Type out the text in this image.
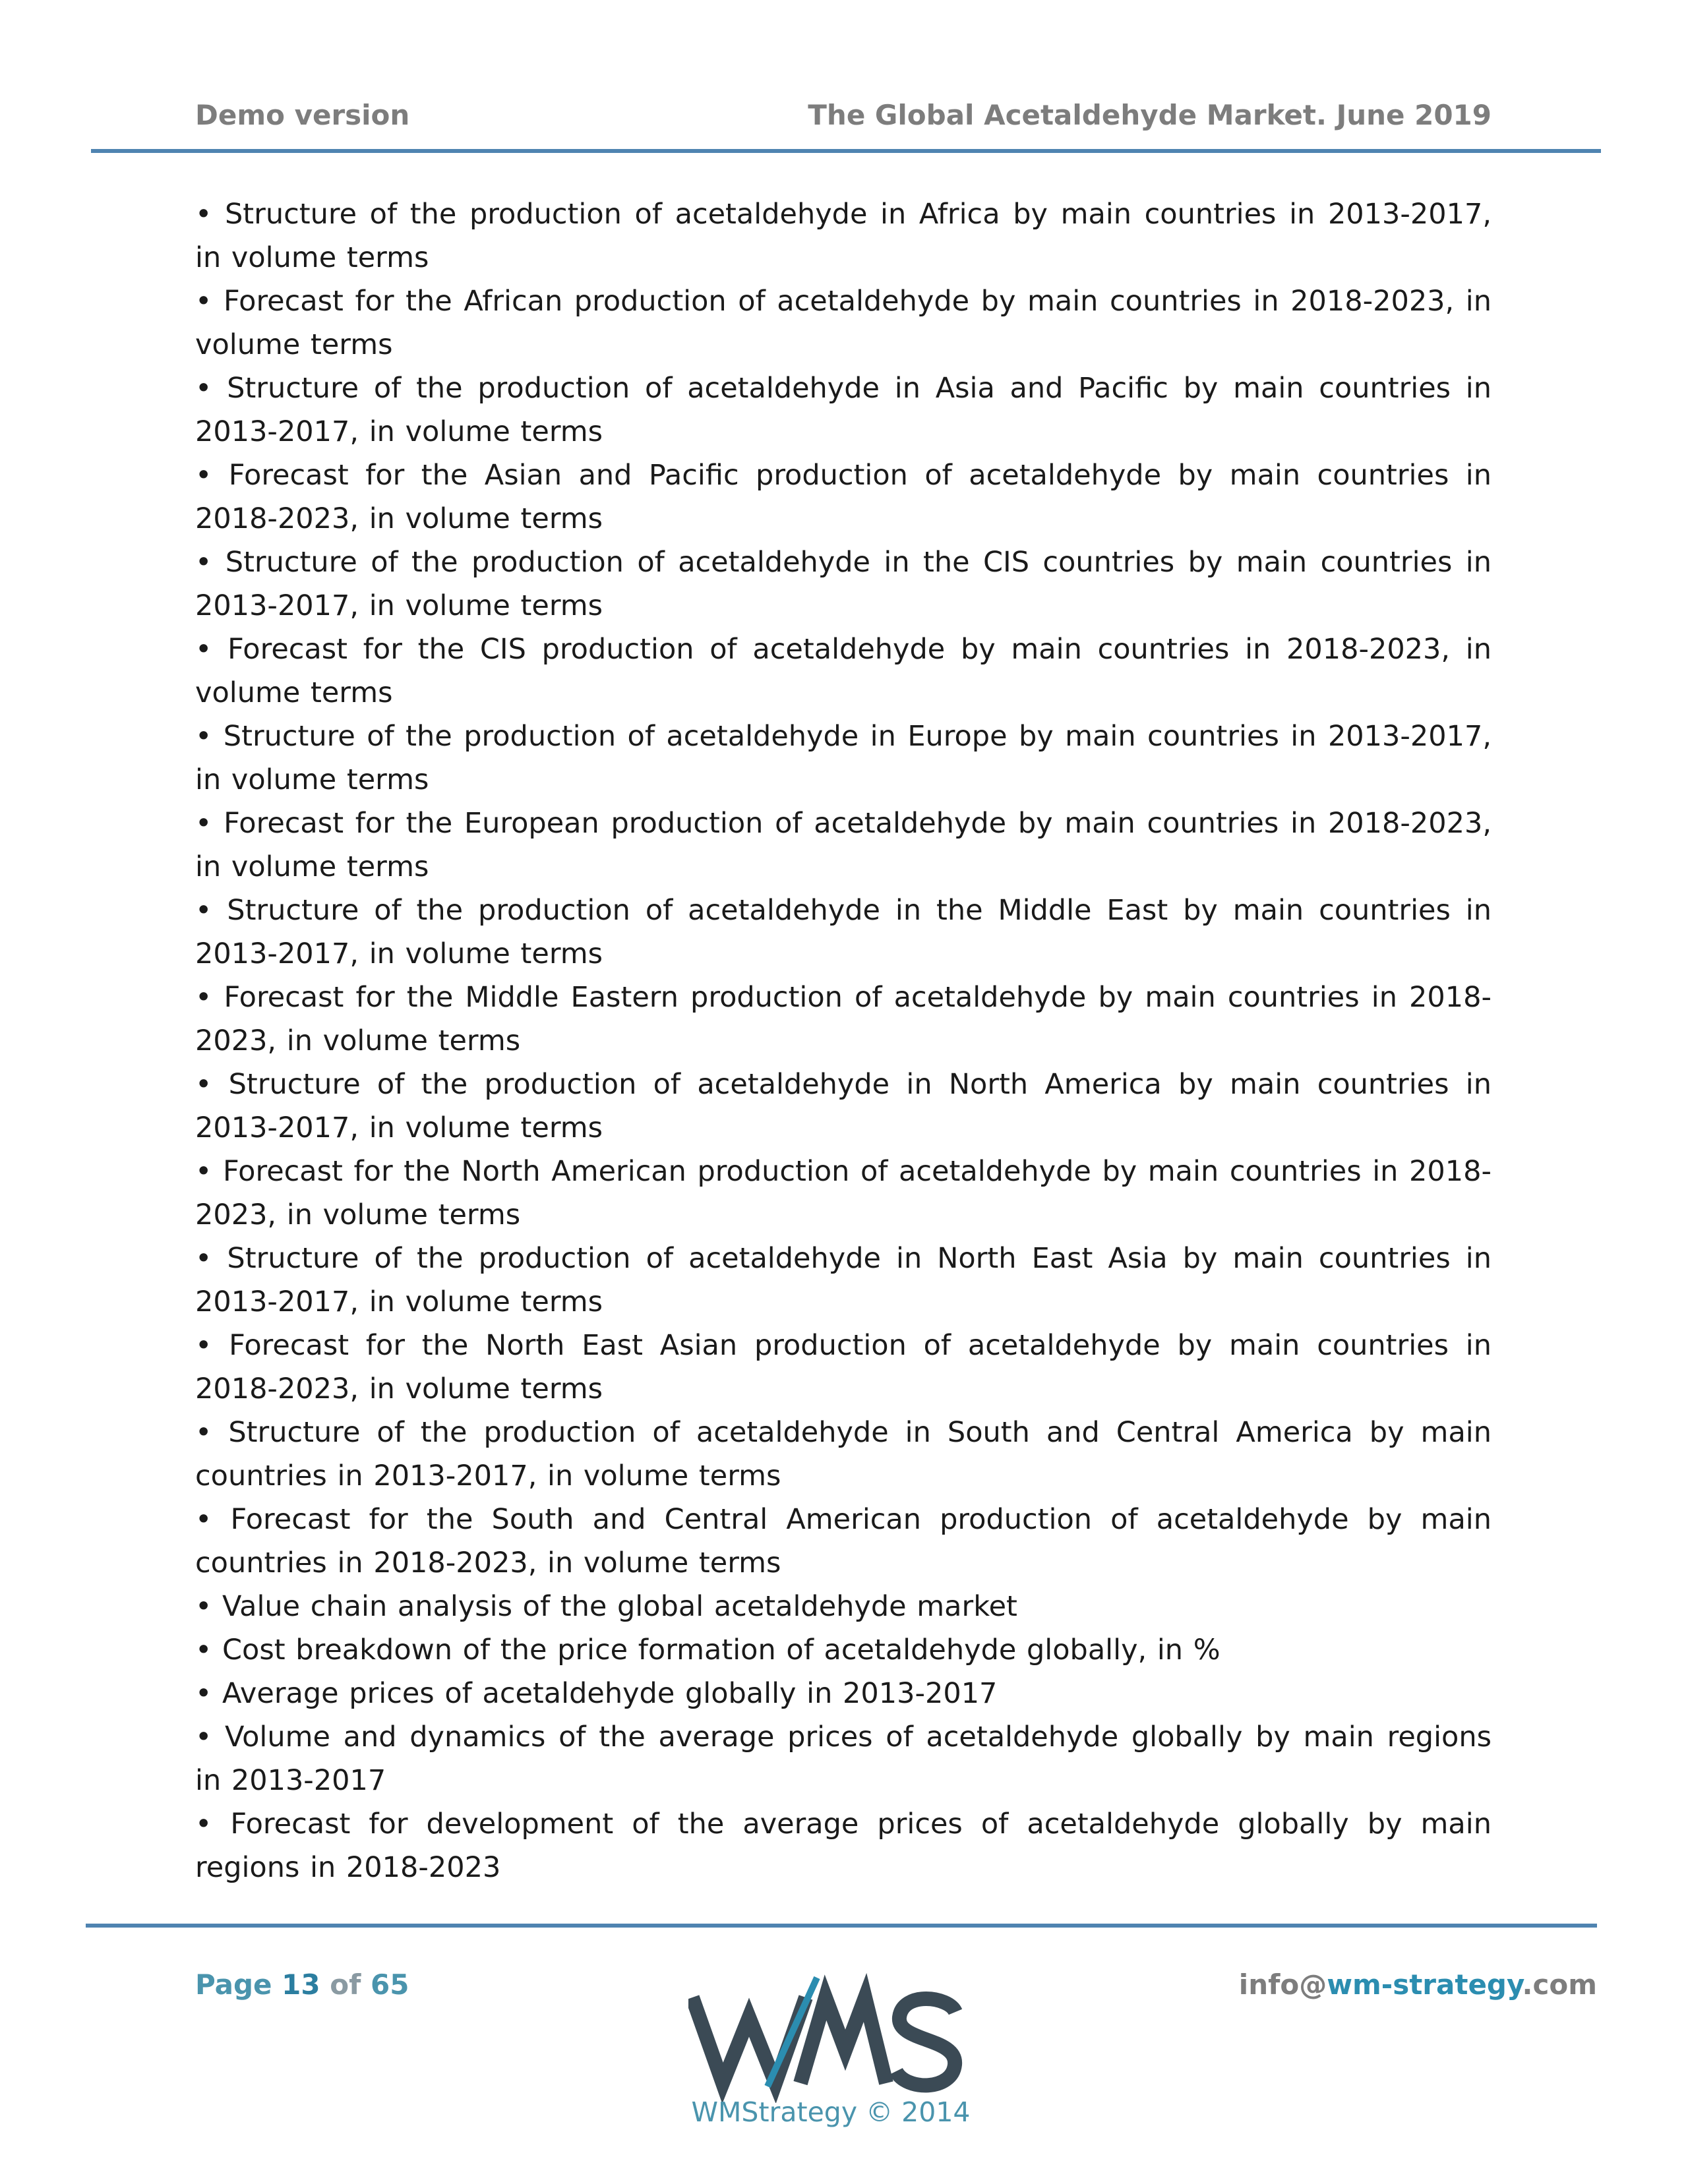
Demo version	The Global Acetaldehyde Market. June 2019

• Structure of the production of acetaldehyde in Africa by main countries in 2013-2017, in volume terms

• Forecast for the African production of acetaldehyde by main countries in 2018-2023, in volume terms

• Structure of the production of acetaldehyde in Asia and Pacific by main countries in 2013-2017, in volume terms

• Forecast for the Asian and Pacific production of acetaldehyde by main countries in 2018-2023, in volume terms

• Structure of the production of acetaldehyde in the CIS countries by main countries in 2013-2017, in volume terms

• Forecast for the CIS production of acetaldehyde by main countries in 2018-2023, in volume terms

• Structure of the production of acetaldehyde in Europe by main countries in 2013-2017, in volume terms

• Forecast for the European production of acetaldehyde by main countries in 2018-2023, in volume terms

• Structure of the production of acetaldehyde in the Middle East by main countries in 2013-2017, in volume terms

• Forecast for the Middle Eastern production of acetaldehyde by main countries in 2018-2023, in volume terms

• Structure of the production of acetaldehyde in North America by main countries in 2013-2017, in volume terms

• Forecast for the North American production of acetaldehyde by main countries in 2018-2023, in volume terms

• Structure of the production of acetaldehyde in North East Asia by main countries in 2013-2017, in volume terms

• Forecast for the North East Asian production of acetaldehyde by main countries in 2018-2023, in volume terms

• Structure of the production of acetaldehyde in South and Central America by main countries in 2013-2017, in volume terms

• Forecast for the South and Central American production of acetaldehyde by main countries in 2018-2023, in volume terms

• Value chain analysis of the global acetaldehyde market

• Cost breakdown of the price formation of acetaldehyde globally, in %

• Average prices of acetaldehyde globally in 2013-2017

• Volume and dynamics of the average prices of acetaldehyde globally by main regions in 2013-2017

• Forecast for development of the average prices of acetaldehyde globally by main regions in 2018-2023

Page 13 of 65	info@wm-strategy.com
WMStrategy © 2014
